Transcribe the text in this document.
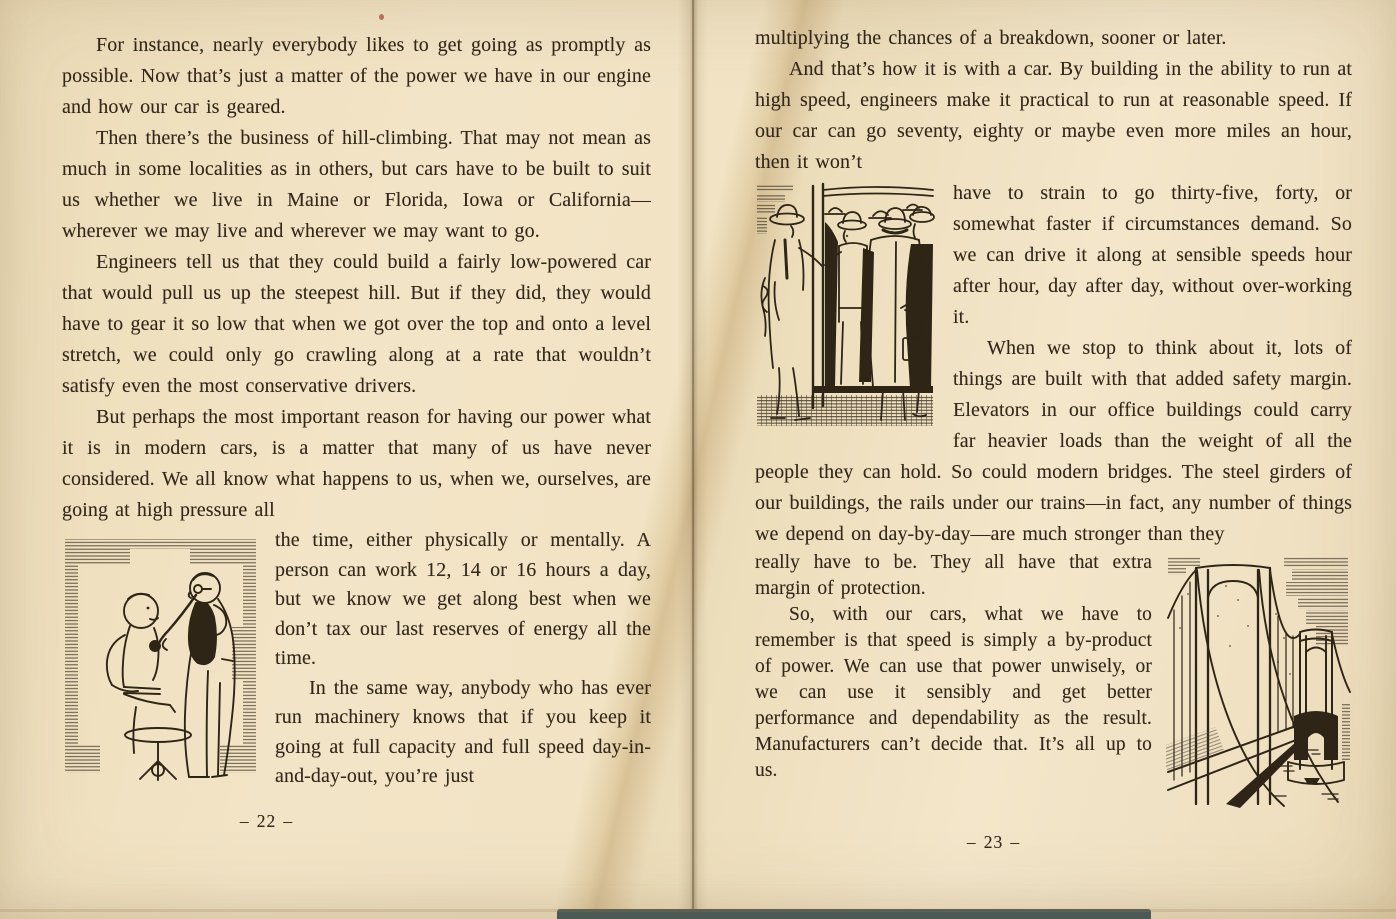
For instance, nearly everybody likes to get going as promptly as possible. Now that’s just a matter of the power we have in our engine and how our car is geared.

Then there’s the business of hill-climbing. That may not mean as much in some localities as in others, but cars have to be built to suit us whether we live in Maine or Florida, Iowa or California—wherever we may live and wherever we may want to go.

Engineers tell us that they could build a fairly low-powered car that would pull us up the steepest hill. But if they did, they would have to gear it so low that when we got over the top and onto a level stretch, we could only go crawling along at a rate that wouldn’t satisfy even the most conservative drivers.

But perhaps the most important reason for having our power what it is in modern cars, is a matter that many of us have never considered. We all know what happens to us, when we, ourselves, are going at high pressure all

the time, either physically or mentally. A person can work 12, 14 or 16 hours a day, but we know we get along best when we don’t tax our last reserves of energy all the time.

In the same way, anybody who has ever run machinery knows that if you keep it going at full capacity and full speed day-in-and-day-out, you’re just

– 22 –

multiplying the chances of a breakdown, sooner or later.

And that’s how it is with a car. By building in the ability to run at high speed, engineers make it practical to run at reasonable speed. If our car can go seventy, eighty or maybe even more miles an hour, then it won’t

have to strain to go thirty-five, forty, or somewhat faster if circumstances demand. So we can drive it along at sensible speeds hour after hour, day after day, without over-working it.

When we stop to think about it, lots of things are built with that added safety margin. Elevators in our office buildings could carry far heavier loads than the weight of all the people they can hold. So could modern bridges. The steel girders of our buildings, the rails under our trains—in fact, any number of things we depend on day-by-day—are much stronger than they

really have to be. They all have that extra margin of protection.

So, with our cars, what we have to remember is that speed is simply a by-product of power. We can use that power unwisely, or we can use it sensibly and get better performance and dependability as the result. Manufacturers can’t decide that. It’s all up to us.

– 23 –
